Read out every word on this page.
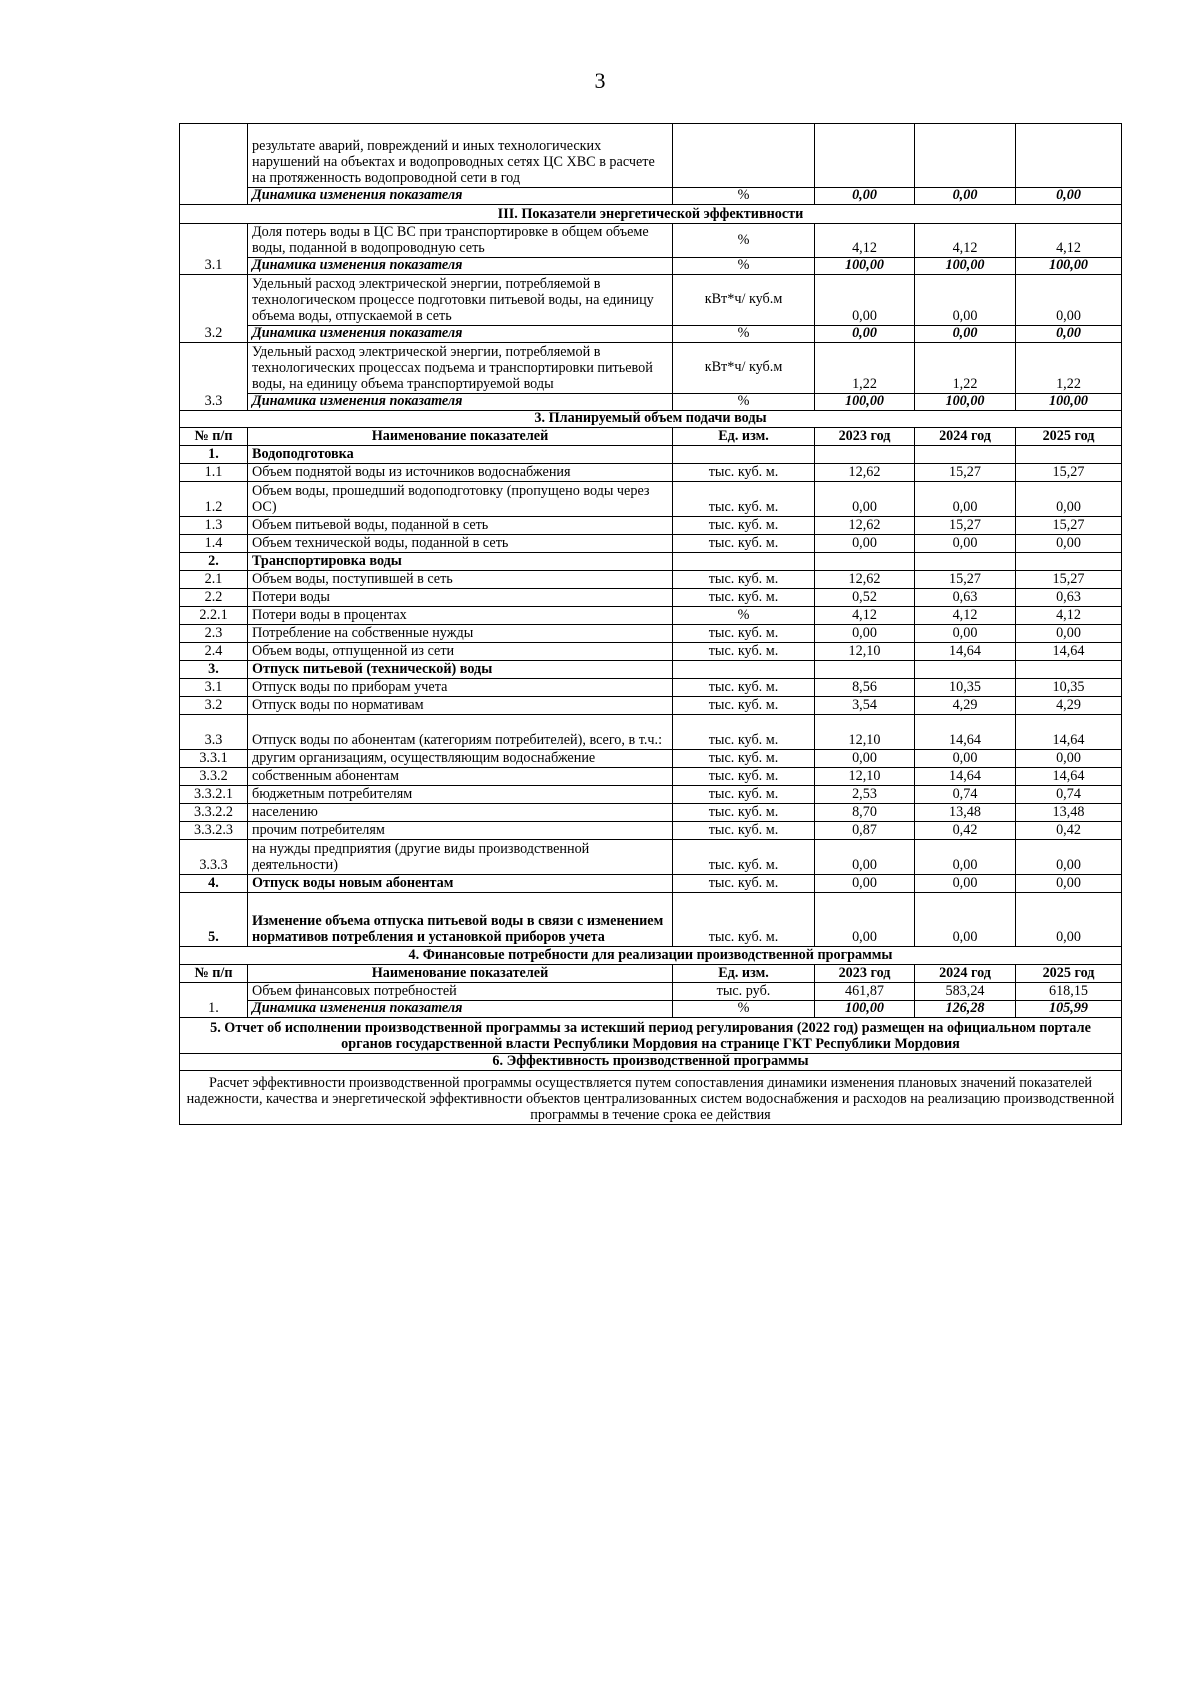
3
	результате аварий, повреждений и иных технологических нарушений на объектах и водопроводных сетях ЦС ХВС в расчете на протяженность водопроводной сети в год				
	Динамика изменения показателя	%	0,00	0,00	0,00
III. Показатели энергетической эффективности					
3.1	Доля потерь воды в ЦС ВС при транспортировке в общем объеме воды, поданной в водопроводную сеть	%	4,12	4,12	4,12
	Динамика изменения показателя	%	100,00	100,00	100,00
3.2	Удельный расход электрической энергии, потребляемой в технологическом процессе подготовки питьевой воды, на единицу объема воды, отпускаемой в сеть	кВт*ч/ куб.м	0,00	0,00	0,00
	Динамика изменения показателя	%	0,00	0,00	0,00
3.3	Удельный расход электрической энергии, потребляемой в технологических процессах подъема и транспортировки питьевой воды, на единицу объема транспортируемой воды	кВт*ч/ куб.м	1,22	1,22	1,22
	Динамика изменения показателя	%	100,00	100,00	100,00
3. Планируемый объем подачи воды					
№ п/п	Наименование показателей	Ед. изм.	2023 год	2024 год	2025 год
1.	Водоподготовка				
1.1	Объем поднятой воды из источников водоснабжения	тыс. куб. м.	12,62	15,27	15,27
1.2	Объем воды, прошедший водоподготовку (пропущено воды через ОС)	тыс. куб. м.	0,00	0,00	0,00
1.3	Объем питьевой воды, поданной в сеть	тыс. куб. м.	12,62	15,27	15,27
1.4	Объем технической воды, поданной в сеть	тыс. куб. м.	0,00	0,00	0,00
2.	Транспортировка воды				
2.1	Объем воды, поступившей в сеть	тыс. куб. м.	12,62	15,27	15,27
2.2	Потери воды	тыс. куб. м.	0,52	0,63	0,63
2.2.1	Потери воды в процентах	%	4,12	4,12	4,12
2.3	Потребление на собственные нужды	тыс. куб. м.	0,00	0,00	0,00
2.4	Объем воды, отпущенной из сети	тыс. куб. м.	12,10	14,64	14,64
3.	Отпуск питьевой (технической) воды				
3.1	Отпуск воды по приборам учета	тыс. куб. м.	8,56	10,35	10,35
3.2	Отпуск воды по нормативам	тыс. куб. м.	3,54	4,29	4,29
3.3	Отпуск воды по абонентам (категориям потребителей), всего, в т.ч.:	тыс. куб. м.	12,10	14,64	14,64
3.3.1	другим организациям, осуществляющим водоснабжение	тыс. куб. м.	0,00	0,00	0,00
3.3.2	собственным абонентам	тыс. куб. м.	12,10	14,64	14,64
3.3.2.1	бюджетным потребителям	тыс. куб. м.	2,53	0,74	0,74
3.3.2.2	населению	тыс. куб. м.	8,70	13,48	13,48
3.3.2.3	прочим потребителям	тыс. куб. м.	0,87	0,42	0,42
3.3.3	на нужды предприятия (другие виды производственной деятельности)	тыс. куб. м.	0,00	0,00	0,00
4.	Отпуск воды новым абонентам	тыс. куб. м.	0,00	0,00	0,00
5.	Изменение объема отпуска питьевой воды в связи с изменением нормативов потребления и установкой приборов учета	тыс. куб. м.	0,00	0,00	0,00
4. Финансовые потребности для реализации производственной программы					
№ п/п	Наименование показателей	Ед. изм.	2023 год	2024 год	2025 год
1.	Объем финансовых потребностей	тыс. руб.	461,87	583,24	618,15
	Динамика изменения показателя	%	100,00	126,28	105,99
5. Отчет об исполнении производственной программы за истекший период регулирования (2022 год) размещен на официальном портале органов государственной власти Республики Мордовия на странице ГКТ Республики Мордовия					
6. Эффективность производственной программы					
Расчет эффективности производственной программы осуществляется путем сопоставления динамики изменения плановых значений показателей надежности, качества и энергетической эффективности объектов централизованных систем водоснабжения и расходов на реализацию производственной программы в течение срока ее действия					
